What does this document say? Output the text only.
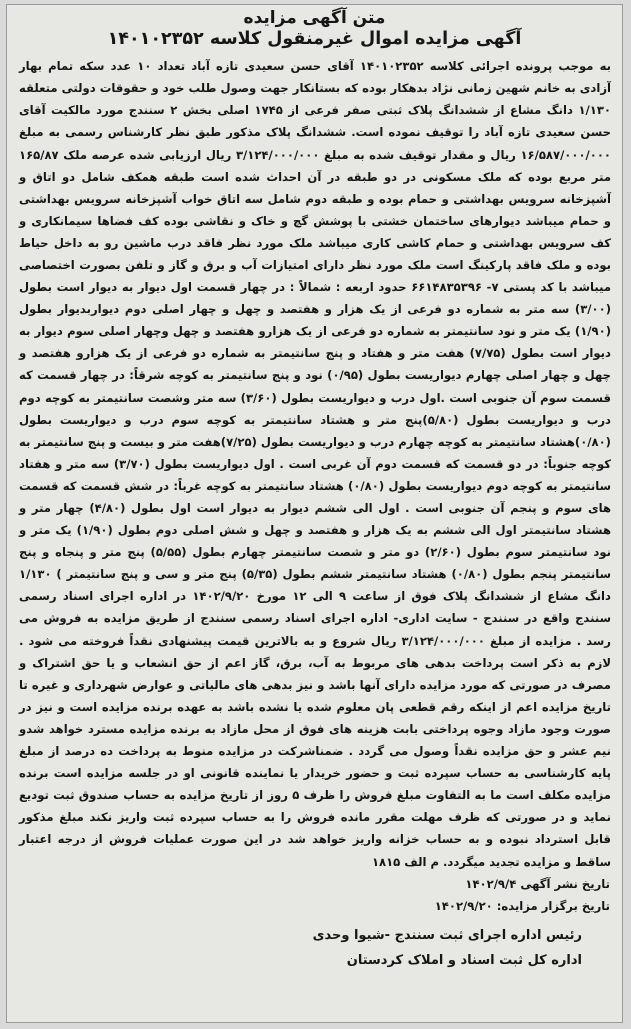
متن آگهی مزایده
آگهی مزایده اموال غیرمنقول کلاسه ۱۴۰۱۰۲۳۵۲

به موجب پرونده اجرائی کلاسه ۱۴۰۱۰۲۳۵۲ آقای حسن سعیدی تازه آباد تعداد ۱۰ عدد سکه تمام بهار آزادی به خانم شهین زمانی نژاد بدهکار بوده که بستانکار جهت وصول طلب خود و حقوقات دولتی متعلقه ۱/۱۳۰ دانگ مشاع از ششدانگ پلاک ثبتی صفر فرعی از ۱۷۴۵ اصلی بخش ۲ سنندج مورد مالکیت آقای حسن سعیدی تازه آباد را توقیف نموده است. ششدانگ پلاک مذکور طبق نظر کارشناس رسمی به مبلغ ۱۶/۵۸۷/۰۰۰/۰۰۰ ریال و مقدار توقیف شده به مبلغ ۳/۱۲۴/۰۰۰/۰۰۰ ریال ارزیابی شده عرصه ملک ۱۶۵/۸۷ متر مربع بوده که ملک مسکونی در دو طبقه در آن احداث شده است طبقه همکف شامل دو اتاق و آشپزخانه سرویس بهداشتی و حمام بوده و طبقه دوم شامل سه اتاق خواب آشپزخانه سرویس بهداشتی و حمام میباشد دیوارهای ساختمان خشتی با پوشش گچ و خاک و نقاشی بوده کف فضاها سیمانکاری و کف سرویس بهداشتی و حمام کاشی کاری میباشد ملک مورد نظر فاقد درب ماشین رو به داخل حیاط بوده و ملک فاقد پارکینگ است ملک مورد نظر دارای امتیازات آب و برق و گاز و تلفن بصورت اختصاصی میباشد با کد پستی ۷- ۶۶۱۴۸۳۵۳۹۶ حدود اربعه : شمالاً : در چهار قسمت اول دیوار به دیوار است بطول (۳/۰۰) سه متر به شماره دو فرعی از یک هزار و هفتصد و چهل و چهار اصلی دوم دیواربدیوار بطول (۱/۹۰) یک متر و نود سانتیمتر به شماره دو فرعی از یک هزارو هفتصد و چهل وچهار اصلی سوم دیوار به دیوار است بطول (۷/۷۵) هفت متر و هفتاد و پنج سانتیمتر به شماره دو فرعی از یک هزارو هفتصد و چهل و چهار اصلی چهارم دیواریست بطول (۰/۹۵) نود و پنج سانتیمتر به کوچه شرقاً: در چهار قسمت که قسمت سوم آن جنوبی است .اول درب و دیواریست بطول (۳/۶۰) سه متر وشصت سانتیمتر به کوچه دوم درب و دیواریست بطول (۵/۸۰)پنج متر و هشتاد سانتیمتر به کوچه سوم درب و دیواریست بطول (۰/۸۰)هشتاد سانتیمتر به کوچه چهارم درب و دیواریست بطول (۷/۲۵)هفت متر و بیست و پنج سانتیمتر به کوچه جنوباً: در دو قسمت که قسمت دوم آن غربی است . اول دیواریست بطول (۳/۷۰) سه متر و هفتاد سانتیمتر به کوچه دوم دیواریست بطول (۰/۸۰) هشتاد سانتیمتر به کوچه غرباً: در شش قسمت که قسمت های سوم و پنجم آن جنوبی است . اول الی ششم دیوار به دیوار است اول بطول (۴/۸۰) چهار متر و هشتاد سانتیمتر اول الی ششم به یک هزار و هفتصد و چهل و شش اصلی دوم بطول (۱/۹۰) یک متر و نود سانتیمتر سوم بطول (۲/۶۰) دو متر و شصت سانتیمتر چهارم بطول (۵/۵۵) پنج متر و پنجاه و پنج سانتیمتر پنجم بطول (۰/۸۰) هشتاد سانتیمتر ششم بطول (۵/۳۵) پنج متر و سی و پنج سانتیمتر ) ۱/۱۳۰ دانگ مشاع از ششدانگ پلاک فوق از ساعت ۹ الی ۱۲ مورخ ۱۴۰۲/۹/۲۰ در اداره اجرای اسناد رسمی سنندج واقع در سنندج - سایت اداری- اداره اجرای اسناد رسمی سنندج از طریق مزایده به فروش می رسد . مزایده از مبلغ ۳/۱۲۴/۰۰۰/۰۰۰ ریال شروع و به بالاترین قیمت پیشنهادی نقداً فروخته می شود . لازم به ذکر است پرداخت بدهی های مربوط به آب، برق، گاز اعم از حق انشعاب و یا حق اشتراک و مصرف در صورتی که مورد مزایده دارای آنها باشد و نیز بدهی های مالیاتی و عوارض شهرداری و غیره تا تاریخ مزایده اعم از اینکه رقم قطعی پان معلوم شده یا نشده باشد به عهده برنده مزایده است و نیز در صورت وجود مازاد وجوه پرداختی بابت هزینه های فوق از محل مازاد به برنده مزایده مسترد خواهد شدو نیم عشر و حق مزایده نقداً وصول می گردد . ضمناشرکت در مزایده منوط به پرداخت ده درصد از مبلغ پایه کارشناسی به حساب سپرده ثبت و حضور خریدار یا نماینده قانونی او در جلسه مزایده است برنده مزایده مکلف است ما به التفاوت مبلغ فروش را ظرف ۵ روز از تاریخ مزایده به حساب صندوق ثبت تودیع نماید و در صورتی که ظرف مهلت مقرر مانده فروش را به حساب سپرده ثبت واریز نکند مبلغ مذکور قابل استرداد نبوده و به حساب خزانه واریز خواهد شد در این صورت عملیات فروش از درجه اعتبار ساقط و مزایده تجدید میگردد. م الف ۱۸۱۵

تاریخ نشر آگهی ۱۴۰۲/۹/۴
تاریخ برگزار مزایده: ۱۴۰۲/۹/۲۰
رئیس اداره اجرای ثبت سنندج -شیوا وحدی
اداره کل ثبت اسناد و املاک کردستان
